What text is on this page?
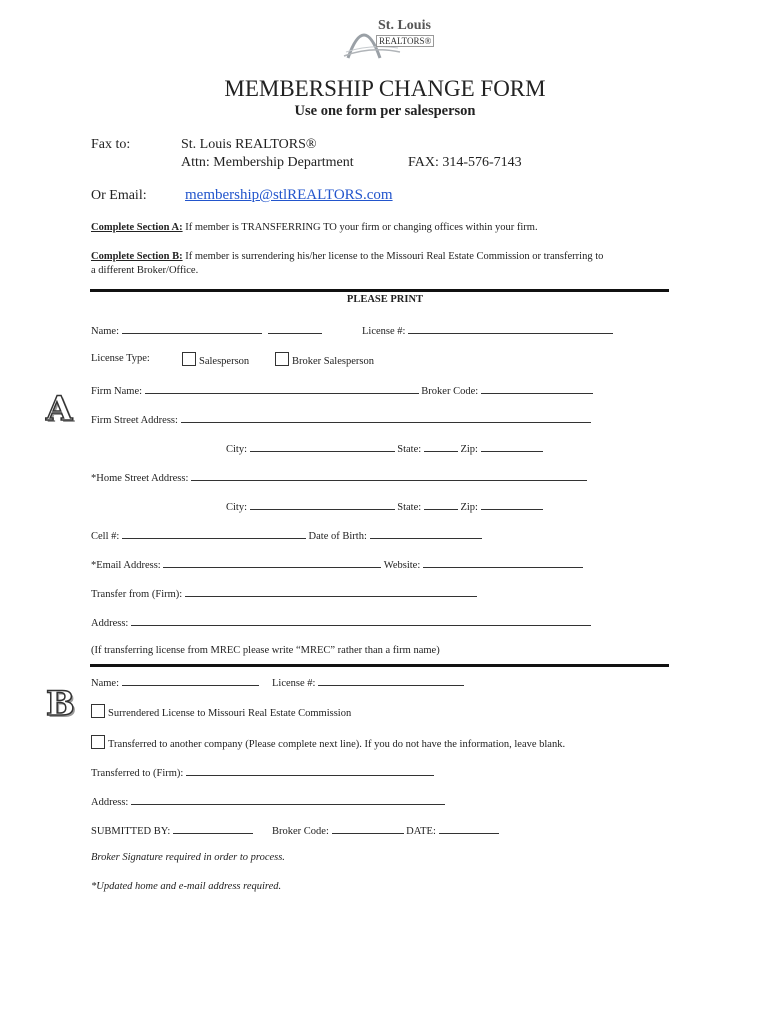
St. Louis
REALTORS®
MEMBERSHIP CHANGE FORM
Use one form per salesperson
Fax to:	St. Louis REALTORS®
Attn: Membership Department	FAX: 314-576-7143
Or Email:	membership@stlREALTORS.com
Complete Section A: If member is TRANSFERRING TO your firm or changing offices within your firm.
Complete Section B: If member is surrendering his/her license to the Missouri Real Estate Commission or transferring to
a different Broker/Office.
PLEASE PRINT
A
Name:	License #:
License Type:	Salesperson	Broker Salesperson
Firm Name:	Broker Code:
Firm Street Address:
City:	State:	Zip:
*Home Street Address:
City:	State:	Zip:
Cell #:	Date of Birth:
*Email Address:	Website:
Transfer from (Firm):
Address:
(If transferring license from MREC please write “MREC” rather than a firm name)
B
Name:	License #:
Surrendered License to Missouri Real Estate Commission
Transferred to another company (Please complete next line). If you do not have the information, leave blank.
Transferred to (Firm):
Address:
SUBMITTED BY:	Broker Code:	DATE:
Broker Signature required in order to process.
*Updated home and e-mail address required.
